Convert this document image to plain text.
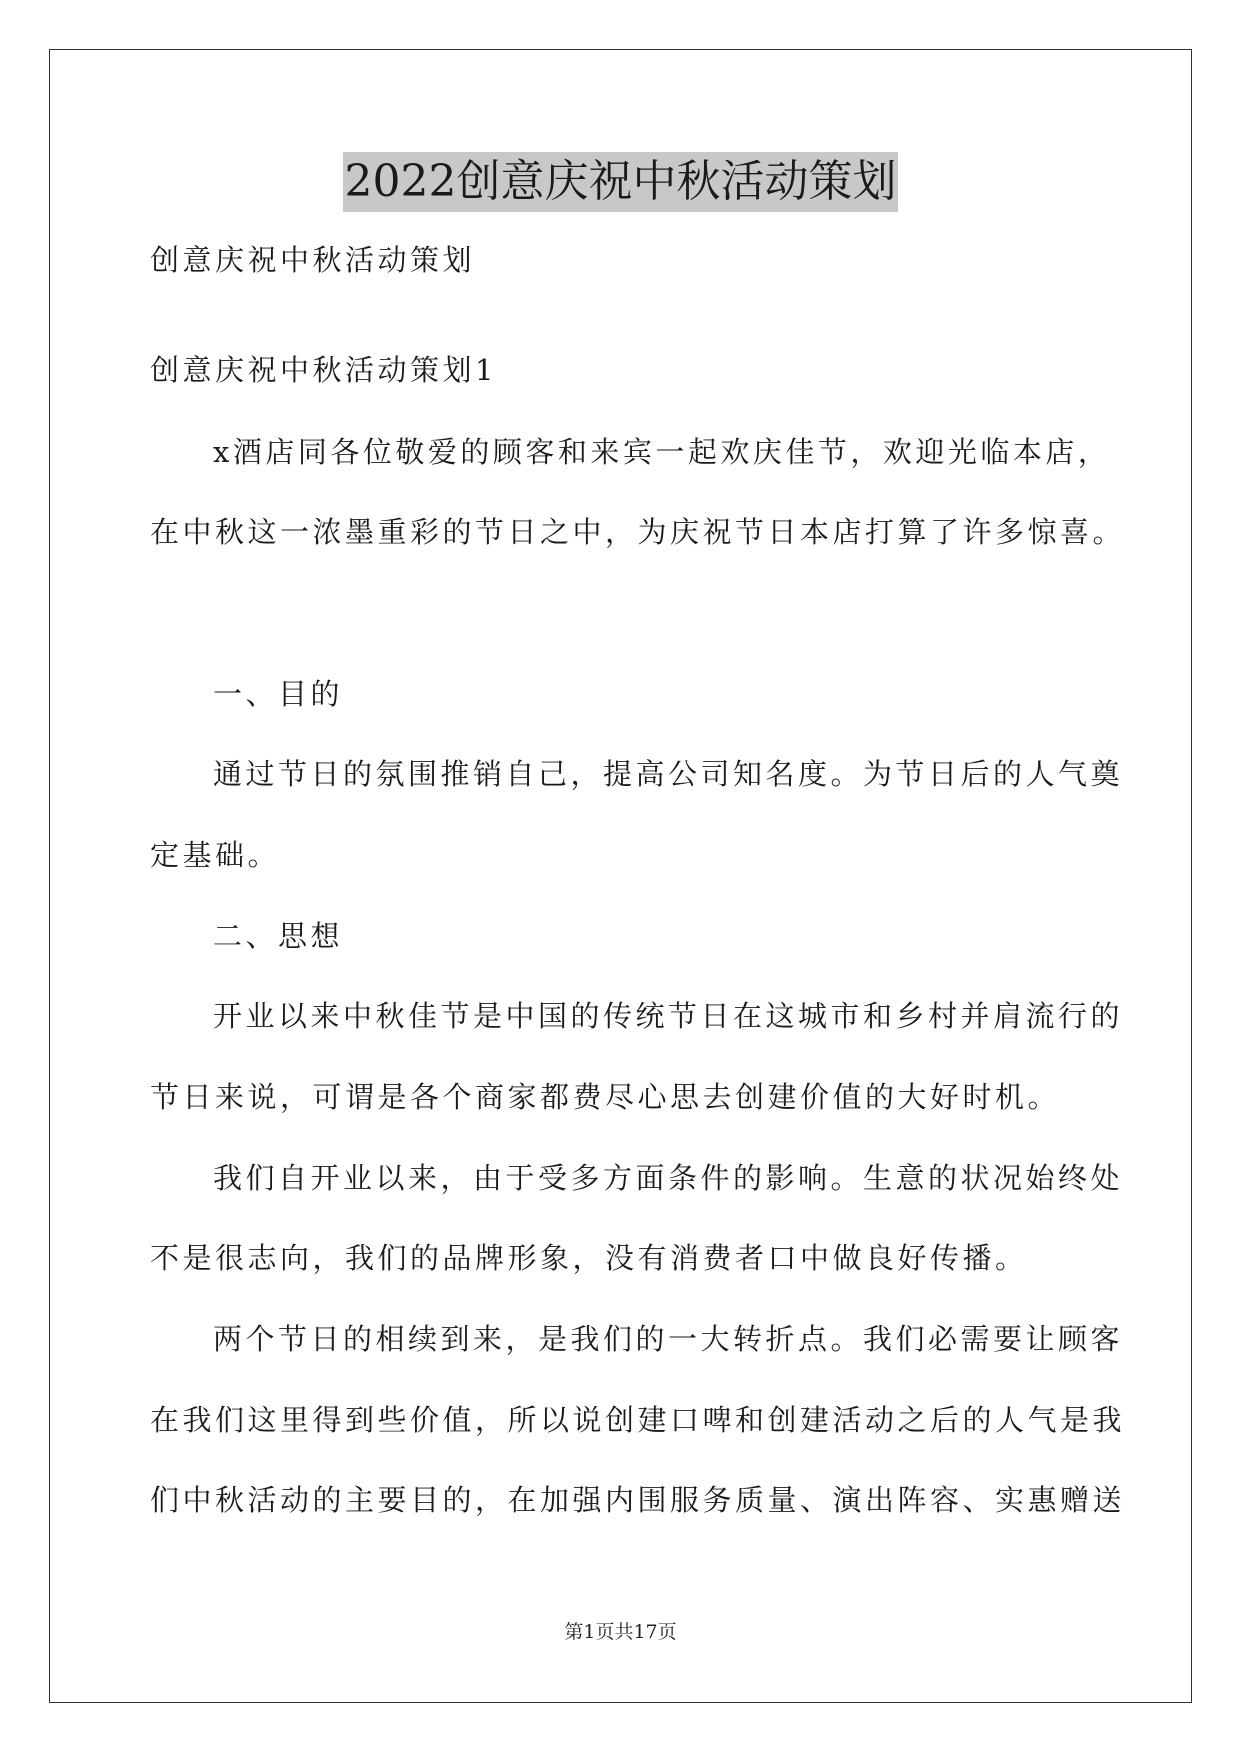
2022创意庆祝中秋活动策划

创意庆祝中秋活动策划

创意庆祝中秋活动策划1

x酒店同各位敬爱的顾客和来宾一起欢庆佳节，欢迎光临本店，

在中秋这一浓墨重彩的节日之中，为庆祝节日本店打算了许多惊喜。

一、目的

通过节日的氛围推销自己，提高公司知名度。为节日后的人气奠

定基础。

二、思想

开业以来中秋佳节是中国的传统节日在这城市和乡村并肩流行的

节日来说，可谓是各个商家都费尽心思去创建价值的大好时机。

我们自开业以来，由于受多方面条件的影响。生意的状况始终处

不是很志向，我们的品牌形象，没有消费者口中做良好传播。

两个节日的相续到来，是我们的一大转折点。我们必需要让顾客

在我们这里得到些价值，所以说创建口啤和创建活动之后的人气是我

们中秋活动的主要目的，在加强内围服务质量、演出阵容、实惠赠送

第1页共17页
